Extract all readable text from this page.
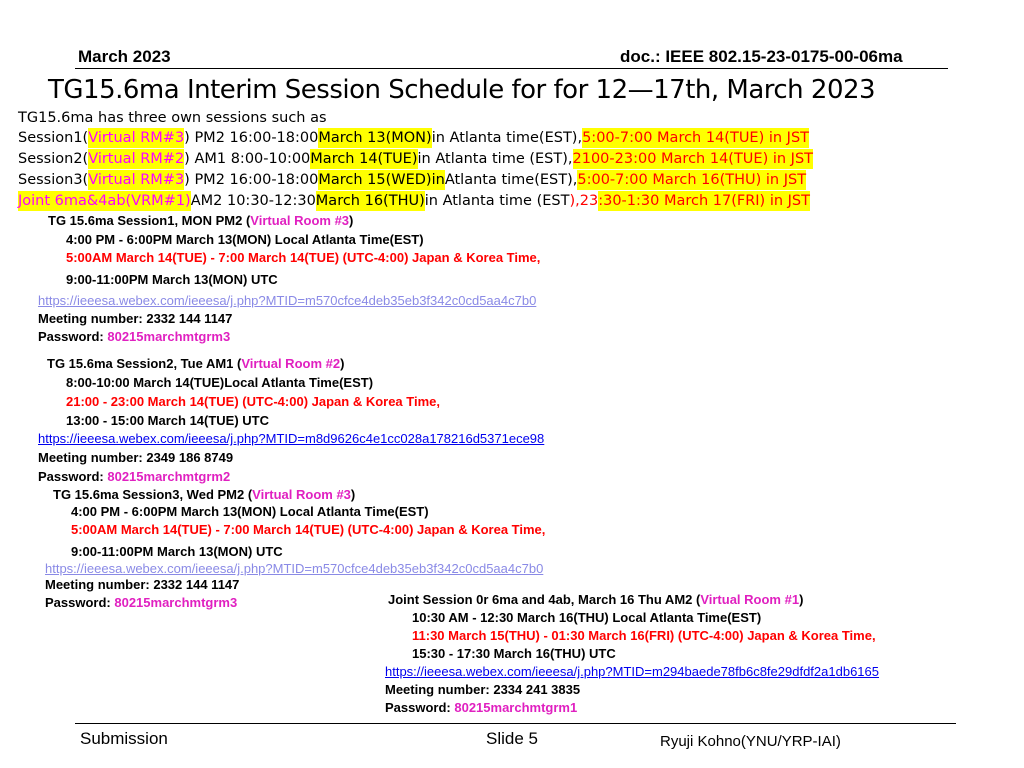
March 2023	doc.: IEEE 802.15-23-0175-00-06ma
TG15.6ma Interim Session Schedule for for 12—17th, March 2023
TG15.6ma has three own sessions such as
Session1(Virtual RM#3) PM2 16:00-18:00March 13(MON)in Atlanta time(EST),5:00-7:00 March 14(TUE) in JST
Session2(Virtual RM#2) AM1 8:00-10:00March 14(TUE)in Atlanta time (EST),2100-23:00 March 14(TUE) in JST
Session3(Virtual RM#3) PM2 16:00-18:00March 15(WED)inAtlanta time(EST),5:00-7:00 March 16(THU) in JST
Joint 6ma&4ab(VRM#1)AM2 10:30-12:30March 16(THU)in Atlanta time (EST),23:30-1:30 March 17(FRI) in JST
TG 15.6ma Session1, MON PM2 (Virtual Room #3)
4:00 PM - 6:00PM March 13(MON) Local Atlanta Time(EST)
5:00AM March 14(TUE) - 7:00 March 14(TUE) (UTC-4:00) Japan & Korea Time,
9:00-11:00PM March 13(MON) UTC
https://ieeesa.webex.com/ieeesa/j.php?MTID=m570cfce4deb35eb3f342c0cd5aa4c7b0
Meeting number: 2332 144 1147
Password: 80215marchmtgrm3
TG 15.6ma Session2, Tue AM1 (Virtual Room #2)
8:00-10:00 March 14(TUE)Local Atlanta Time(EST)
21:00 - 23:00 March 14(TUE) (UTC-4:00) Japan & Korea Time,
13:00 - 15:00 March 14(TUE) UTC
https://ieeesa.webex.com/ieeesa/j.php?MTID=m8d9626c4e1cc028a178216d5371ece98
Meeting number: 2349 186 8749
Password: 80215marchmtgrm2
TG 15.6ma Session3, Wed PM2 (Virtual Room #3)
4:00 PM - 6:00PM March 13(MON) Local Atlanta Time(EST)
5:00AM March 14(TUE) - 7:00 March 14(TUE) (UTC-4:00) Japan & Korea Time,
9:00-11:00PM March 13(MON) UTC
https://ieeesa.webex.com/ieeesa/j.php?MTID=m570cfce4deb35eb3f342c0cd5aa4c7b0
Meeting number: 2332 144 1147
Password: 80215marchmtgrm3	Joint Session 0r 6ma and 4ab, March 16 Thu AM2 (Virtual Room #1)
10:30 AM - 12:30 March 16(THU) Local Atlanta Time(EST)
11:30 March 15(THU) - 01:30 March 16(FRI) (UTC-4:00) Japan & Korea Time,
15:30 - 17:30 March 16(THU) UTC
https://ieeesa.webex.com/ieeesa/j.php?MTID=m294baede78fb6c8fe29dfdf2a1db6165
Meeting number: 2334 241 3835
Password: 80215marchmtgrm1
Submission	Slide 5	Ryuji Kohno(YNU/YRP-IAI)
